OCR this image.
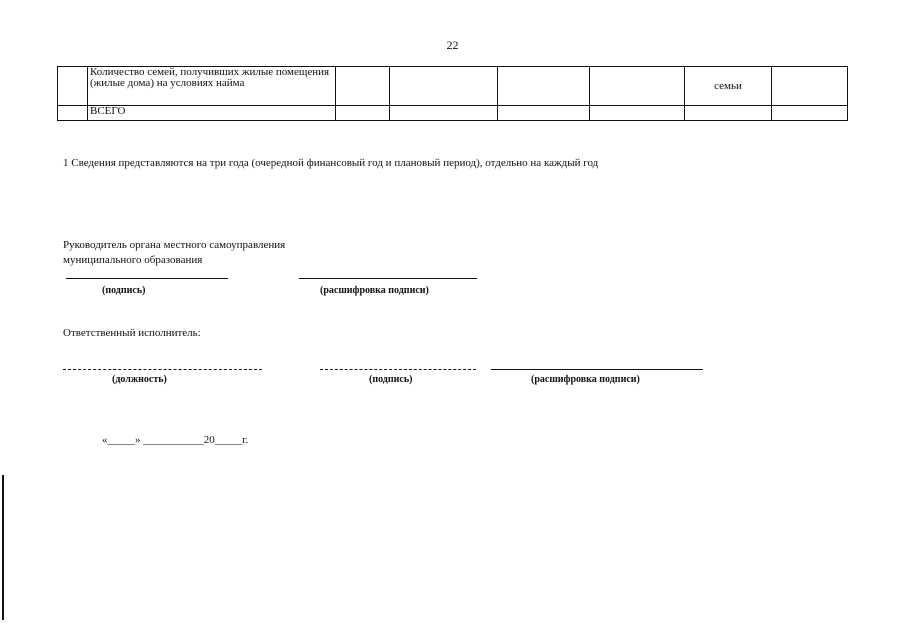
22
	Количество семей, получивших жилые помещения (жилые дома) на условиях найма					семьи	
	ВСЕГО						
1 Сведения представляются на три года (очередной финансовый год и плановый период), отдельно на каждый год
Руководитель органа местного самоуправления
муниципального образования
(подпись)	(расшифровка подписи)
Ответственный исполнитель:
(должность)	(подпись)	(расшифровка подписи)
«_____» ___________20_____г.
